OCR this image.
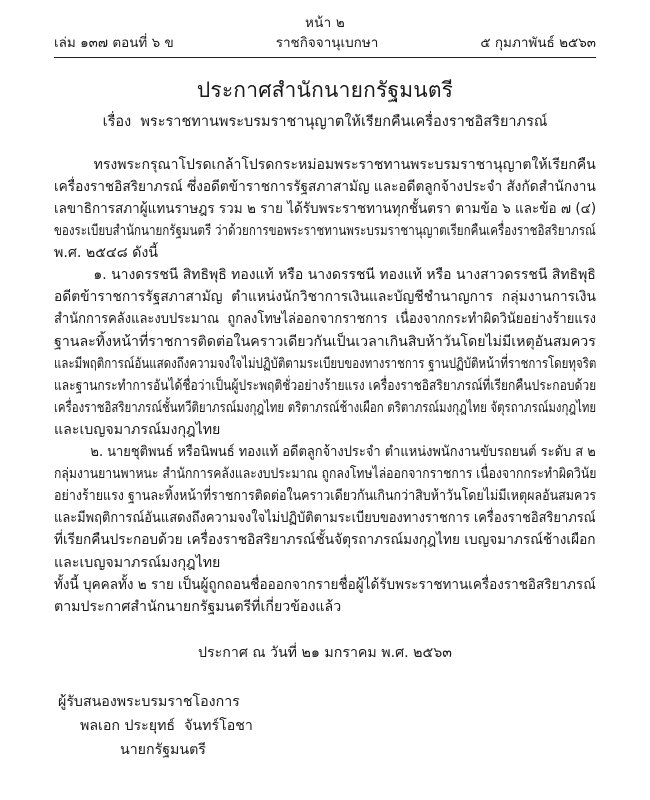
หน้า ๒
เล่ม ๑๓๗ ตอนที่ ๖ ข	ราชกิจจานุเบกษา	๕ กุมภาพันธ์ ๒๕๖๓
ประกาศสำนักนายกรัฐมนตรี
เรื่อง  พระราชทานพระบรมราชานุญาตให้เรียกคืนเครื่องราชอิสริยาภรณ์

ทรงพระกรุณาโปรดเกล้าโปรดกระหม่อมพระราชทานพระบรมราชานุญาตให้เรียกคืน เครื่องราชอิสริยาภรณ์ ซึ่งอดีตข้าราชการรัฐสภาสามัญ และอดีตลูกจ้างประจำ สังกัดสำนักงาน เลขาธิการสภาผู้แทนราษฎร รวม ๒ ราย ได้รับพระราชทานทุกชั้นตรา ตามข้อ ๖ และข้อ ๗ (๔) ของระเบียบสำนักนายกรัฐมนตรี ว่าด้วยการขอพระราชทานพระบรมราชานุญาตเรียกคืนเครื่องราชอิสริยาภรณ์
พ.ศ. ๒๕๔๘ ดังนี้

๑. นางดรรชนี สิทธิพุธิ ทองแท้ หรือ นางดรรชนี ทองแท้ หรือ นางสาวดรรชนี สิทธิพุธิ อดีตข้าราชการรัฐสภาสามัญ  ตำแหน่งนักวิชาการเงินและบัญชีชำนาญการ  กลุ่มงานการเงิน สำนักการคลังและงบประมาณ  ถูกลงโทษไล่ออกจากราชการ  เนื่องจากกระทำผิดวินัยอย่างร้ายแรง ฐานละทิ้งหน้าที่ราชการติดต่อในคราวเดียวกันเป็นเวลาเกินสิบห้าวันโดยไม่มีเหตุอันสมควร และมีพฤติการณ์อันแสดงถึงความจงใจไม่ปฏิบัติตามระเบียบของทางราชการ ฐานปฏิบัติหน้าที่ราชการโดยทุจริต และฐานกระทำการอันได้ชื่อว่าเป็นผู้ประพฤติชั่วอย่างร้ายแรง เครื่องราชอิสริยาภรณ์ที่เรียกคืนประกอบด้วย เครื่องราชอิสริยาภรณ์ชั้นทวีติยาภรณ์มงกุฎไทย ตริตาภรณ์ช้างเผือก ตริตาภรณ์มงกุฎไทย จัตุรถาภรณ์มงกุฎไทย
และเบญจมาภรณ์มงกุฎไทย

๒. นายชุติพนธ์ หรือนิพนธ์ ทองแท้ อดีตลูกจ้างประจำ ตำแหน่งพนักงานขับรถยนต์ ระดับ ส ๒ กลุ่มงานยานพาหนะ สำนักการคลังและงบประมาณ ถูกลงโทษไล่ออกจากราชการ เนื่องจากกระทำผิดวินัย อย่างร้ายแรง ฐานละทิ้งหน้าที่ราชการติดต่อในคราวเดียวกันเกินกว่าสิบห้าวันโดยไม่มีเหตุผลอันสมควร และมีพฤติการณ์อันแสดงถึงความจงใจไม่ปฏิบัติตามระเบียบของทางราชการ เครื่องราชอิสริยาภรณ์ ที่เรียกคืนประกอบด้วย เครื่องราชอิสริยาภรณ์ชั้นจัตุรถาภรณ์มงกุฎไทย เบญจมาภรณ์ช้างเผือก
และเบญจมาภรณ์มงกุฎไทย

ทั้งนี้ บุคคลทั้ง ๒ ราย เป็นผู้ถูกถอนชื่อออกจากรายชื่อผู้ได้รับพระราชทานเครื่องราชอิสริยาภรณ์
ตามประกาศสำนักนายกรัฐมนตรีที่เกี่ยวข้องแล้ว

ประกาศ ณ วันที่ ๒๑ มกราคม พ.ศ. ๒๕๖๓
ผู้รับสนองพระบรมราชโองการ
พลเอก ประยุทธ์  จันทร์โอชา
นายกรัฐมนตรี
